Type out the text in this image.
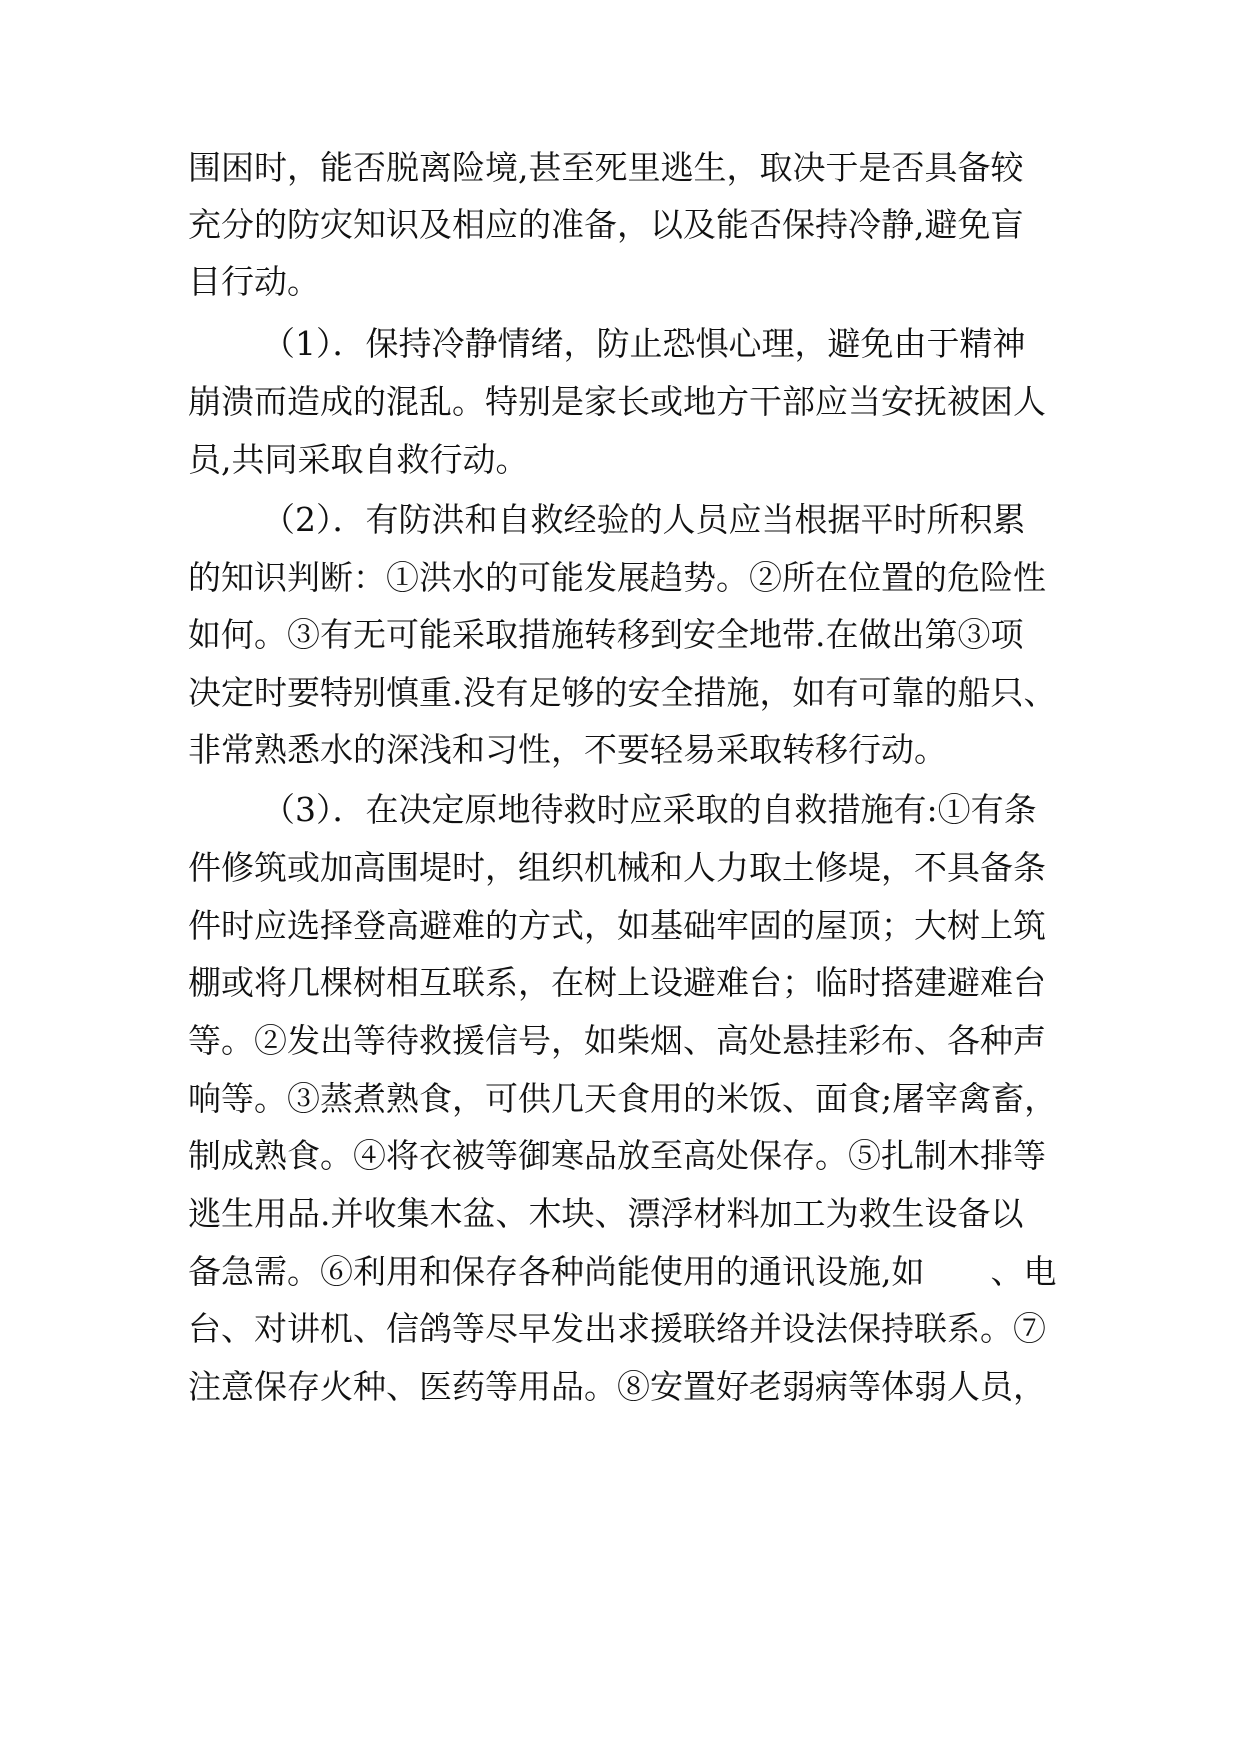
围困时，能否脱离险境,甚至死里逃生，取决于是否具备较
充分的防灾知识及相应的准备，以及能否保持冷静,避免盲
目行动。
（1）．保持冷静情绪，防止恐惧心理，避免由于精神
崩溃而造成的混乱。特别是家长或地方干部应当安抚被困人
员,共同采取自救行动。
（2）．有防洪和自救经验的人员应当根据平时所积累
的知识判断：①洪水的可能发展趋势。②所在位置的危险性
如何。③有无可能采取措施转移到安全地带.在做出第③项
决定时要特别慎重.没有足够的安全措施，如有可靠的船只、
非常熟悉水的深浅和习性，不要轻易采取转移行动。
（3）．在决定原地待救时应采取的自救措施有:①有条
件修筑或加高围堤时，组织机械和人力取土修堤，不具备条
件时应选择登高避难的方式，如基础牢固的屋顶；大树上筑
棚或将几棵树相互联系，在树上设避难台；临时搭建避难台
等。②发出等待救援信号，如柴烟、高处悬挂彩布、各种声
响等。③蒸煮熟食，可供几天食用的米饭、面食;屠宰禽畜，
制成熟食。④将衣被等御寒品放至高处保存。⑤扎制木排等
逃生用品.并收集木盆、木块、漂浮材料加工为救生设备以
备急需。⑥利用和保存各种尚能使用的通讯设施,如　　、电
台、对讲机、信鸽等尽早发出求援联络并设法保持联系。⑦
注意保存火种、医药等用品。⑧安置好老弱病等体弱人员，
